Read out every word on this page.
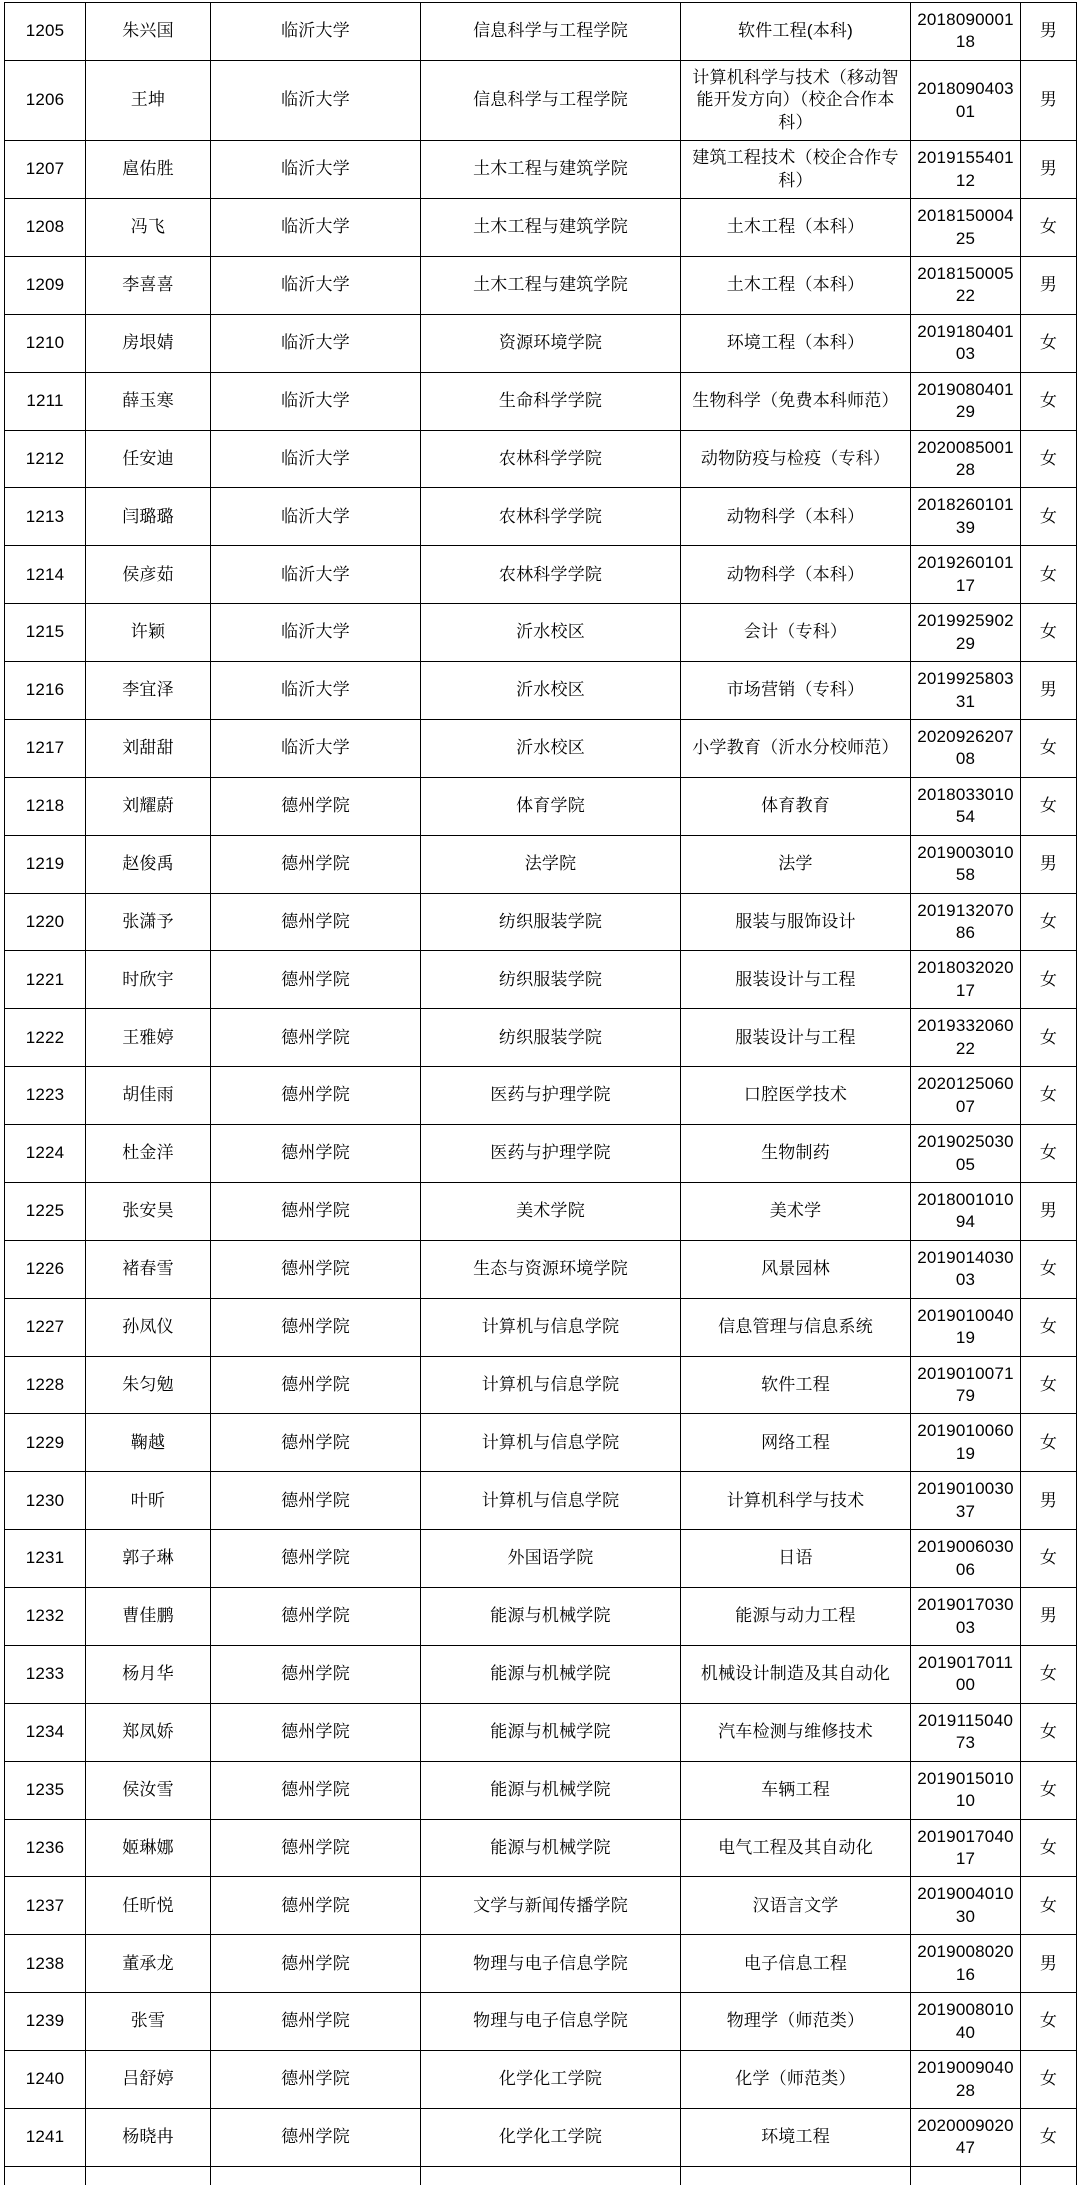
1205	朱兴国	临沂大学	信息科学与工程学院	软件工程(本科)	201809000118	男
1206	王坤	临沂大学	信息科学与工程学院	计算机科学与技术（移动智能开发方向）（校企合作本科）	201809040301	男
1207	扈佑胜	临沂大学	土木工程与建筑学院	建筑工程技术（校企合作专科）	201915540112	男
1208	冯飞	临沂大学	土木工程与建筑学院	土木工程（本科）	201815000425	女
1209	李喜喜	临沂大学	土木工程与建筑学院	土木工程（本科）	201815000522	男
1210	房垠婧	临沂大学	资源环境学院	环境工程（本科）	201918040103	女
1211	薛玉寒	临沂大学	生命科学学院	生物科学（免费本科师范）	201908040129	女
1212	任安迪	临沂大学	农林科学学院	动物防疫与检疫（专科）	202008500128	女
1213	闫璐璐	临沂大学	农林科学学院	动物科学（本科）	201826010139	女
1214	侯彦茹	临沂大学	农林科学学院	动物科学（本科）	201926010117	女
1215	许颖	临沂大学	沂水校区	会计（专科）	201992590229	女
1216	李宜泽	临沂大学	沂水校区	市场营销（专科）	201992580331	男
1217	刘甜甜	临沂大学	沂水校区	小学教育（沂水分校师范）	202092620708	女
1218	刘耀蔚	德州学院	体育学院	体育教育	201803301054	女
1219	赵俊禹	德州学院	法学院	法学	201900301058	男
1220	张潇予	德州学院	纺织服装学院	服装与服饰设计	201913207086	女
1221	时欣宇	德州学院	纺织服装学院	服装设计与工程	201803202017	女
1222	王雅婷	德州学院	纺织服装学院	服装设计与工程	201933206022	女
1223	胡佳雨	德州学院	医药与护理学院	口腔医学技术	202012506007	女
1224	杜金洋	德州学院	医药与护理学院	生物制药	201902503005	女
1225	张安昊	德州学院	美术学院	美术学	201800101094	男
1226	褚春雪	德州学院	生态与资源环境学院	风景园林	201901403003	女
1227	孙凤仪	德州学院	计算机与信息学院	信息管理与信息系统	201901004019	女
1228	朱匀勉	德州学院	计算机与信息学院	软件工程	201901007179	女
1229	鞠越	德州学院	计算机与信息学院	网络工程	201901006019	女
1230	叶昕	德州学院	计算机与信息学院	计算机科学与技术	201901003037	男
1231	郭子琳	德州学院	外国语学院	日语	201900603006	女
1232	曹佳鹏	德州学院	能源与机械学院	能源与动力工程	201901703003	男
1233	杨月华	德州学院	能源与机械学院	机械设计制造及其自动化	201901701100	女
1234	郑凤娇	德州学院	能源与机械学院	汽车检测与维修技术	201911504073	女
1235	侯汝雪	德州学院	能源与机械学院	车辆工程	201901501010	女
1236	姬琳娜	德州学院	能源与机械学院	电气工程及其自动化	201901704017	女
1237	任昕悦	德州学院	文学与新闻传播学院	汉语言文学	201900401030	女
1238	董承龙	德州学院	物理与电子信息学院	电子信息工程	201900802016	男
1239	张雪	德州学院	物理与电子信息学院	物理学（师范类）	201900801040	女
1240	吕舒婷	德州学院	化学化工学院	化学（师范类）	201900904028	女
1241	杨晓冉	德州学院	化学化工学院	环境工程	202000902047	女
